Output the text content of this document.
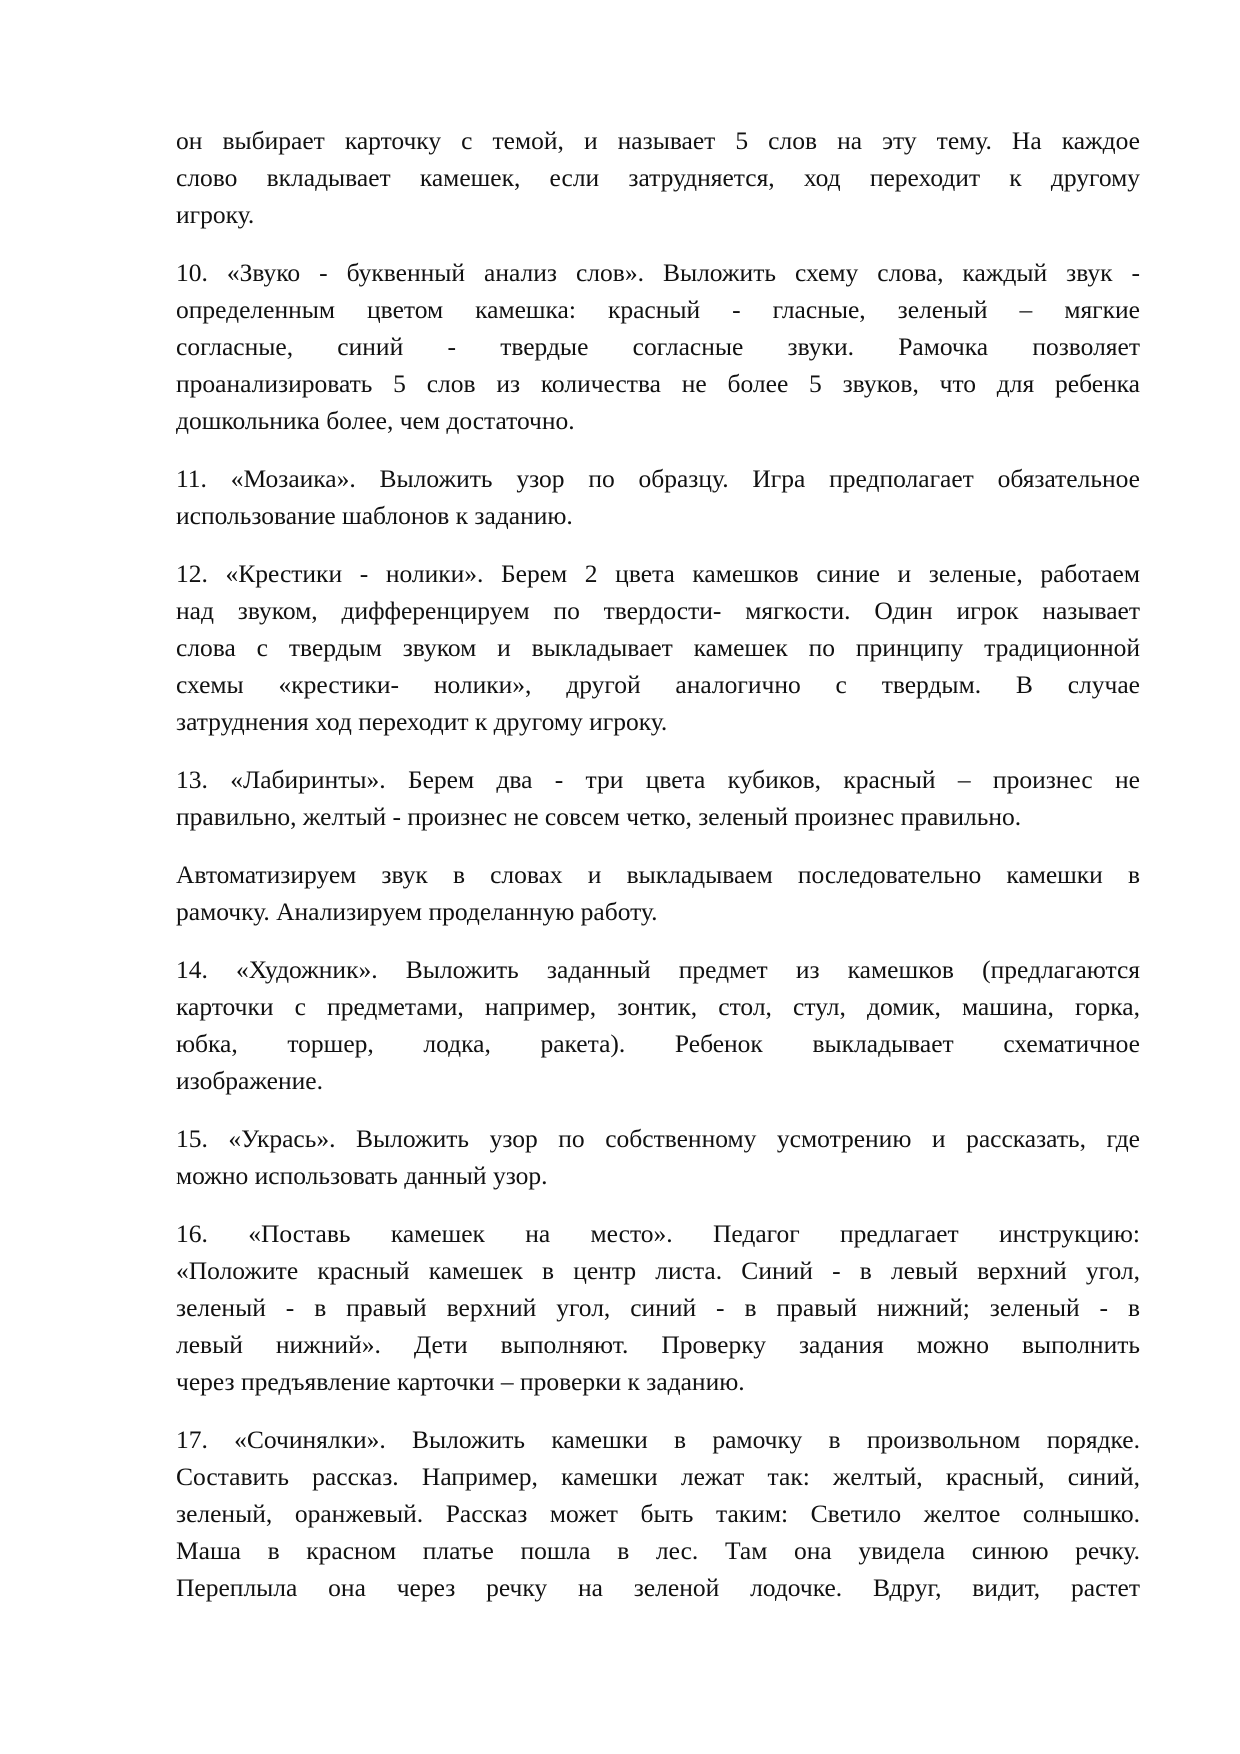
он выбирает карточку с темой, и называет 5 слов на эту тему. На каждое
слово вкладывает камешек, если затрудняется, ход переходит к другому
игроку.
10. «Звуко - буквенный анализ слов». Выложить схему слова, каждый звук -
определенным цветом камешка: красный - гласные, зеленый – мягкие
согласные, синий - твердые согласные звуки. Рамочка позволяет
проанализировать 5 слов из количества не более 5 звуков, что для ребенка
дошкольника более, чем достаточно.
11. «Мозаика». Выложить узор по образцу. Игра предполагает обязательное
использование шаблонов к заданию.
12. «Крестики - нолики». Берем 2 цвета камешков синие и зеленые, работаем
над звуком, дифференцируем по твердости- мягкости. Один игрок называет
слова с твердым звуком и выкладывает камешек по принципу традиционной
схемы «крестики- нолики», другой аналогично с твердым. В случае
затруднения ход переходит к другому игроку.
13. «Лабиринты». Берем два - три цвета кубиков, красный – произнес не
правильно, желтый - произнес не совсем четко, зеленый произнес правильно.
Автоматизируем звук в словах и выкладываем последовательно камешки в
рамочку. Анализируем проделанную работу.
14. «Художник». Выложить заданный предмет из камешков (предлагаются
карточки с предметами, например, зонтик, стол, стул, домик, машина, горка,
юбка, торшер, лодка, ракета). Ребенок выкладывает схематичное
изображение.
15. «Укрась». Выложить узор по собственному усмотрению и рассказать, где
можно использовать данный узор.
16. «Поставь камешек на место». Педагог предлагает инструкцию:
«Положите красный камешек в центр листа. Синий - в левый верхний угол,
зеленый - в правый верхний угол, синий - в правый нижний; зеленый - в
левый нижний». Дети выполняют. Проверку задания можно выполнить
через предъявление карточки – проверки к заданию.
17. «Сочинялки». Выложить камешки в рамочку в произвольном порядке.
Составить рассказ. Например, камешки лежат так: желтый, красный, синий,
зеленый, оранжевый. Рассказ может быть таким: Светило желтое солнышко.
Маша в красном платье пошла в лес. Там она увидела синюю речку.
Переплыла она через речку на зеленой лодочке. Вдруг, видит, растет
